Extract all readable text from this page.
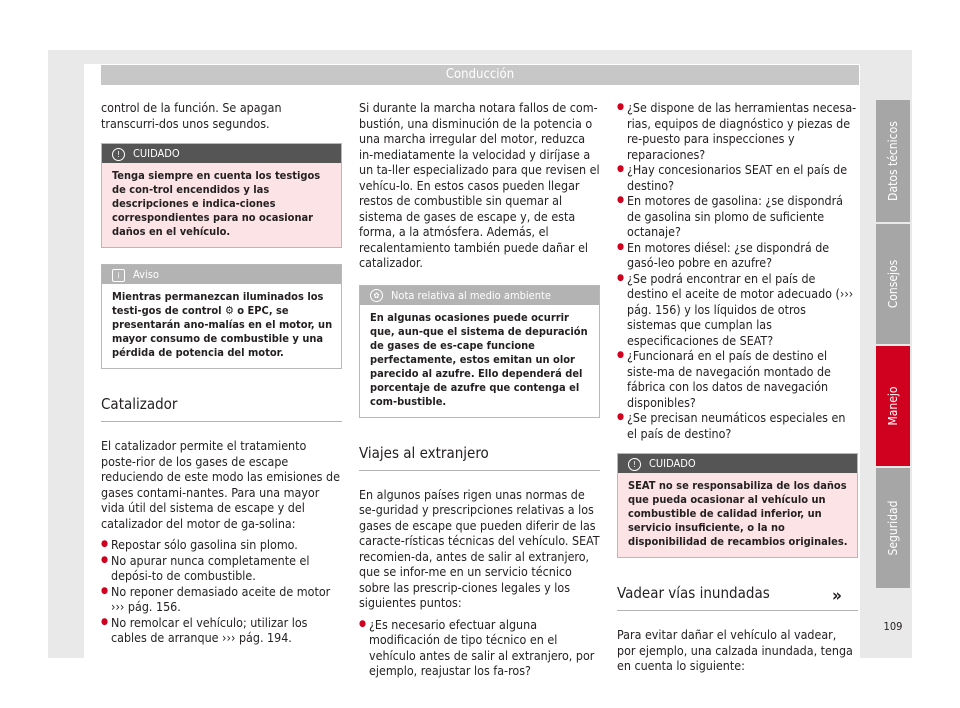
Conducción

control de la función. Se apagan transcurri-dos unos segundos.

! CUIDADO
Tenga siempre en cuenta los testigos de con-trol encendidos y las descripciones e indica-ciones correspondientes para no ocasionar daños en el vehículo.
i Aviso
Mientras permanezcan iluminados los testi-gos de control ⚙ o EPC, se presentarán ano-malías en el motor, un mayor consumo de combustible y una pérdida de potencia del motor.
Catalizador

El catalizador permite el tratamiento poste-rior de los gases de escape reduciendo de este modo las emisiones de gases contami-nantes. Para una mayor vida útil del sistema de escape y del catalizador del motor de ga-solina:

● Repostar sólo gasolina sin plomo.

● No apurar nunca completamente el depósi-to de combustible.

● No reponer demasiado aceite de motor ››› pág. 156.

● No remolcar el vehículo; utilizar los cables de arranque ››› pág. 194.

Si durante la marcha notara fallos de com-bustión, una disminución de la potencia o una marcha irregular del motor, reduzca in-mediatamente la velocidad y diríjase a un ta-ller especializado para que revisen el vehícu-lo. En estos casos pueden llegar restos de combustible sin quemar al sistema de gases de escape y, de esta forma, a la atmósfera. Además, el recalentamiento también puede dañar el catalizador.

✿ Nota relativa al medio ambiente
En algunas ocasiones puede ocurrir que, aun-que el sistema de depuración de gases de es-cape funcione perfectamente, estos emitan un olor parecido al azufre. Ello dependerá del porcentaje de azufre que contenga el com-bustible.
Viajes al extranjero

En algunos países rigen unas normas de se-guridad y prescripciones relativas a los gases de escape que pueden diferir de las caracte-rísticas técnicas del vehículo. SEAT recomien-da, antes de salir al extranjero, que se infor-me en un servicio técnico sobre las prescrip-ciones legales y los siguientes puntos:

● ¿Es necesario efectuar alguna modificación de tipo técnico en el vehículo antes de salir al extranjero, por ejemplo, reajustar los fa-ros?

● ¿Se dispone de las herramientas necesa-rias, equipos de diagnóstico y piezas de re-puesto para inspecciones y reparaciones?

● ¿Hay concesionarios SEAT en el país de destino?

● En motores de gasolina: ¿se dispondrá de gasolina sin plomo de suficiente octanaje?

● En motores diésel: ¿se dispondrá de gasó-leo pobre en azufre?

● ¿Se podrá encontrar en el país de destino el aceite de motor adecuado (››› pág. 156) y los líquidos de otros sistemas que cumplan las especificaciones de SEAT?

● ¿Funcionará en el país de destino el siste-ma de navegación montado de fábrica con los datos de navegación disponibles?

● ¿Se precisan neumáticos especiales en el país de destino?

! CUIDADO
SEAT no se responsabiliza de los daños que pueda ocasionar al vehículo un combustible de calidad inferior, un servicio insuficiente, o la no disponibilidad de recambios originales.
Vadear vías inundadas

Para evitar dañar el vehículo al vadear, por ejemplo, una calzada inundada, tenga en cuenta lo siguiente:

»
Datos técnicos
Consejos
Manejo
Seguridad
109
